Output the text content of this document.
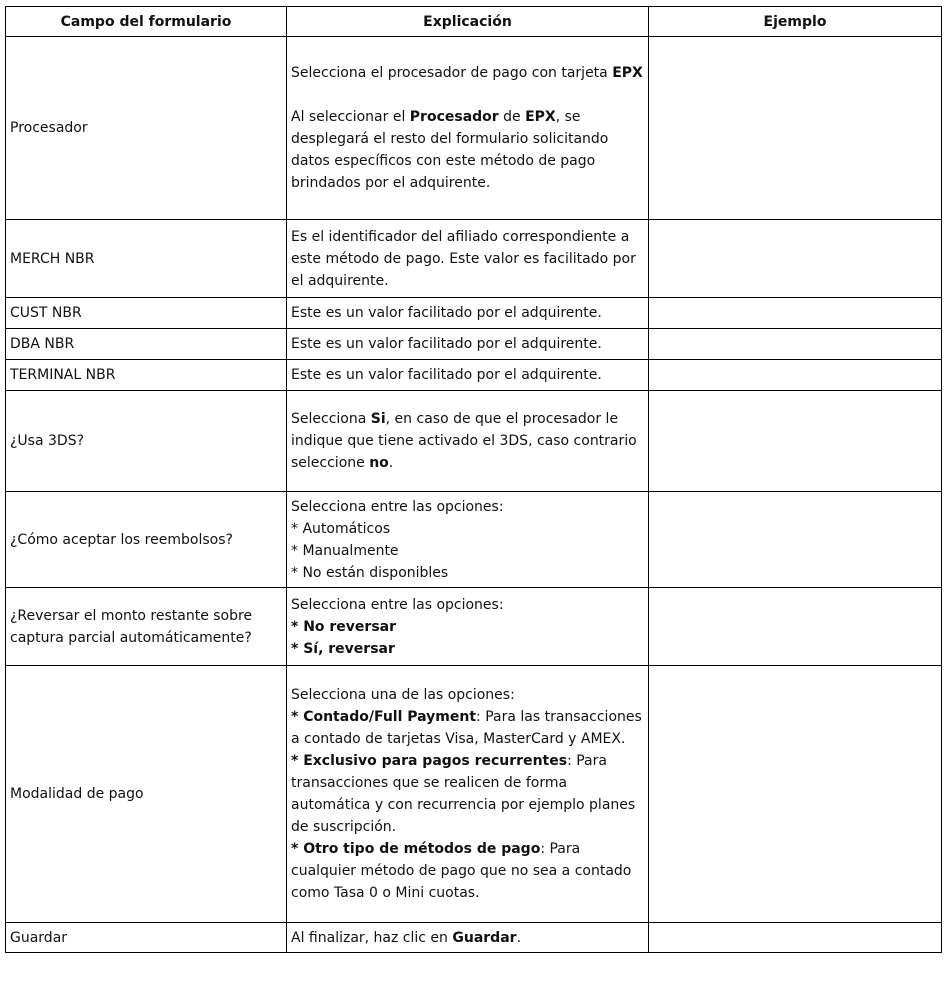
Campo del formulario	Explicación	Ejemplo
Procesador	Selecciona el procesador de pago con tarjeta EPX
Al seleccionar el Procesador de EPX, se desplegará el resto del formulario solicitando datos específicos con este método de pago brindados por el adquirente.	
MERCH NBR	Es el identificador del afiliado correspondiente a este método de pago. Este valor es facilitado por el adquirente.	
CUST NBR	Este es un valor facilitado por el adquirente.	
DBA NBR	Este es un valor facilitado por el adquirente.	
TERMINAL NBR	Este es un valor facilitado por el adquirente.	
¿Usa 3DS?	Selecciona Si, en caso de que el procesador le indique que tiene activado el 3DS, caso contrario seleccione no.	
¿Cómo aceptar los reembolsos?	Selecciona entre las opciones:
* Automáticos
* Manualmente
* No están disponibles	

¿Reversar el monto restante sobre captura parcial automáticamente?	Selecciona entre las opciones:
* No reversar
* Sí, reversar	

Modalidad de pago	Selecciona una de las opciones:
* Contado/Full Payment: Para las transacciones a contado de tarjetas Visa, MasterCard y AMEX.
* Exclusivo para pagos recurrentes: Para transacciones que se realicen de forma automática y con recurrencia por ejemplo planes de suscripción.
* Otro tipo de métodos de pago: Para cualquier método de pago que no sea a contado como Tasa 0 o Mini cuotas.	

Guardar	Al finalizar, haz clic en Guardar.	
